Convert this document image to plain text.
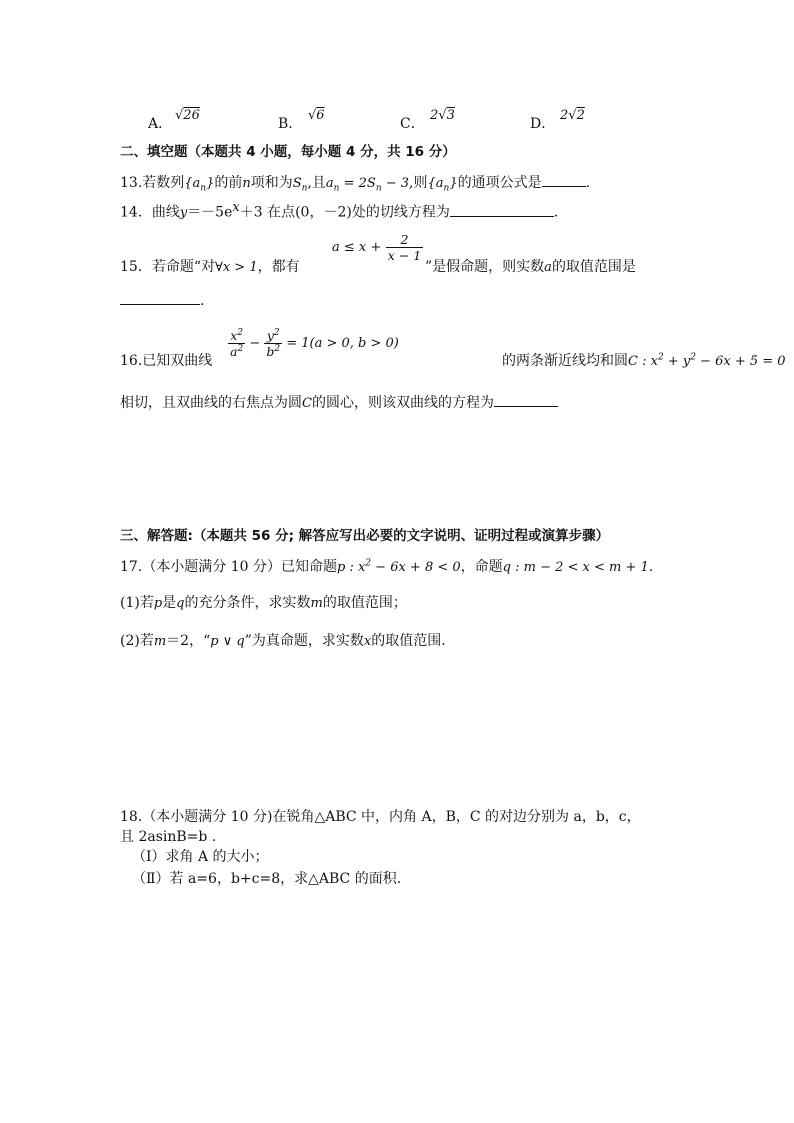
A．
√26
B．
√6
C．
2√3
D．
2√2
二、填空题（本题共 4 小题，每小题 4 分，共 16 分）
13.若数列$\{a_n\}$的前n项和为$S_n$,且$a_n = 2S_n - 3$,则$\{a_n\}$的通项公式是	.
14．曲线$y=-5e^x+3$ 在点(0，－2)处的切线方程为	.
15．若命题“对∀x > 1，都有
$a \le x + \frac{2}{x - 1}$
”是假命题，则实数a的取值范围是
.
16.已知双曲线
$\frac{x^2}{a^2} - \frac{y^2}{b^2} = 1(a > 0$, b > 0)
的两条渐近线均和圆C : $x^2 + y^2 - 6x + 5 = 0$
相切，且双曲线的右焦点为圆C的圆心，则该双曲线的方程为
三、解答题:（本题共 56 分; 解答应写出必要的文字说明、证明过程或演算步骤）
17.（本小题满分 10 分）已知命题p : $x^2 - 6x + 8 < 0$，命题q : m − 2 < x < m + 1.
(1)若p是q的充分条件，求实数m的取值范围；
(2)若m＝2，“p ∨ q”为真命题，求实数x的取值范围.
18.（本小题满分 10 分)在锐角△ABC 中，内角 A，B，C 的对边分别为 a，b，c，
且 2asinB=b .
（Ⅰ）求角 A 的大小；
（Ⅱ）若 a=6，b+c=8，求△ABC 的面积.
